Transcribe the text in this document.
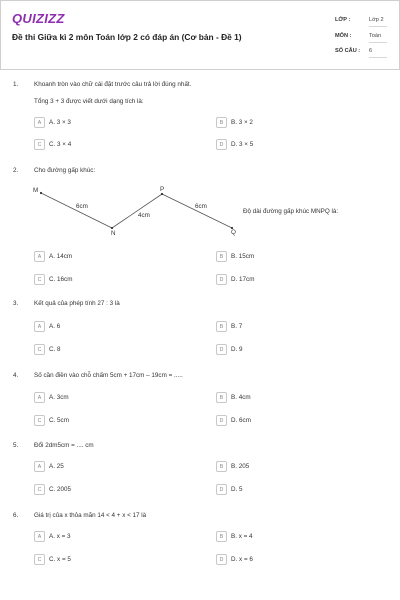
QUIZIZZ
Đề thi Giữa kì 2 môn Toán lớp 2 có đáp án (Cơ bản - Đề 1)
LỚP :	Lớp 2
MÔN :	Toán
SỐ CÂU : 6
1. Khoanh tròn vào chữ cái đặt trước câu trả lời đúng nhất.
Tổng 3 + 3 được viết dưới dạng tích là:
A	A. 3 × 3	B	B. 3 × 2
C	C. 3 × 4	D	D. 3 × 5
2. Cho đường gấp khúc:
M
N
P
Q
6cm
4cm
6cm
Độ dài đường gấp khúc MNPQ là:
A	A. 14cm	B	B. 15cm
C	C. 16cm	D	D. 17cm
3. Kết quả của phép tính 27 : 3 là
A	A. 6	B	B. 7
C	C. 8	D	D. 9
4. Số cần điền vào chỗ chấm 5cm + 17cm – 19cm = .....
A	A. 3cm	B	B. 4cm
C	C. 5cm	D	D. 6cm
5. Đổi 2dm5cm = .... cm
A	A. 25	B	B. 205
C	C. 2005	D	D. 5
6. Giá trị của x thỏa mãn 14 < 4 + x < 17 là
A	A. x = 3	B	B. x = 4
C	C. x = 5	D	D. x = 6
